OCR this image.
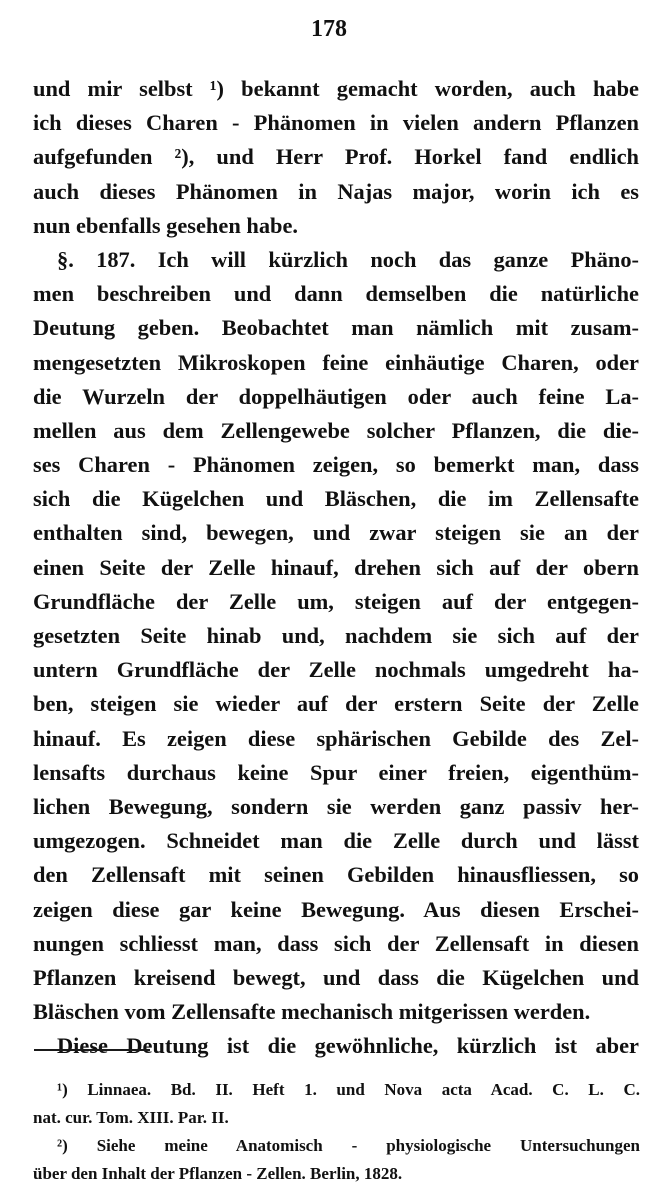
178
und mir selbst ¹) bekannt gemacht worden, auch habe
ich dieses Charen - Phänomen in vielen andern Pflanzen
aufgefunden ²), und Herr Prof. Horkel fand endlich
auch dieses Phänomen in Najas major, worin ich es
nun ebenfalls gesehen habe.
§. 187. Ich will kürzlich noch das ganze Phäno-
men beschreiben und dann demselben die natürliche
Deutung geben. Beobachtet man nämlich mit zusam-
mengesetzten Mikroskopen feine einhäutige Charen, oder
die Wurzeln der doppelhäutigen oder auch feine La-
mellen aus dem Zellengewebe solcher Pflanzen, die die-
ses Charen - Phänomen zeigen, so bemerkt man, dass
sich die Kügelchen und Bläschen, die im Zellensafte
enthalten sind, bewegen, und zwar steigen sie an der
einen Seite der Zelle hinauf, drehen sich auf der obern
Grundfläche der Zelle um, steigen auf der entgegen-
gesetzten Seite hinab und, nachdem sie sich auf der
untern Grundfläche der Zelle nochmals umgedreht ha-
ben, steigen sie wieder auf der erstern Seite der Zelle
hinauf. Es zeigen diese sphärischen Gebilde des Zel-
lensafts durchaus keine Spur einer freien, eigenthüm-
lichen Bewegung, sondern sie werden ganz passiv her-
umgezogen. Schneidet man die Zelle durch und lässt
den Zellensaft mit seinen Gebilden hinausfliessen, so
zeigen diese gar keine Bewegung. Aus diesen Erschei-
nungen schliesst man, dass sich der Zellensaft in diesen
Pflanzen kreisend bewegt, und dass die Kügelchen und
Bläschen vom Zellensafte mechanisch mitgerissen werden.
Diese Deutung ist die gewöhnliche, kürzlich ist aber
¹) Linnaea. Bd. II. Heft 1. und Nova acta Acad. C. L. C.
nat. cur. Tom. XIII. Par. II.
²) Siehe meine Anatomisch - physiologische Untersuchungen
über den Inhalt der Pflanzen - Zellen. Berlin, 1828.
